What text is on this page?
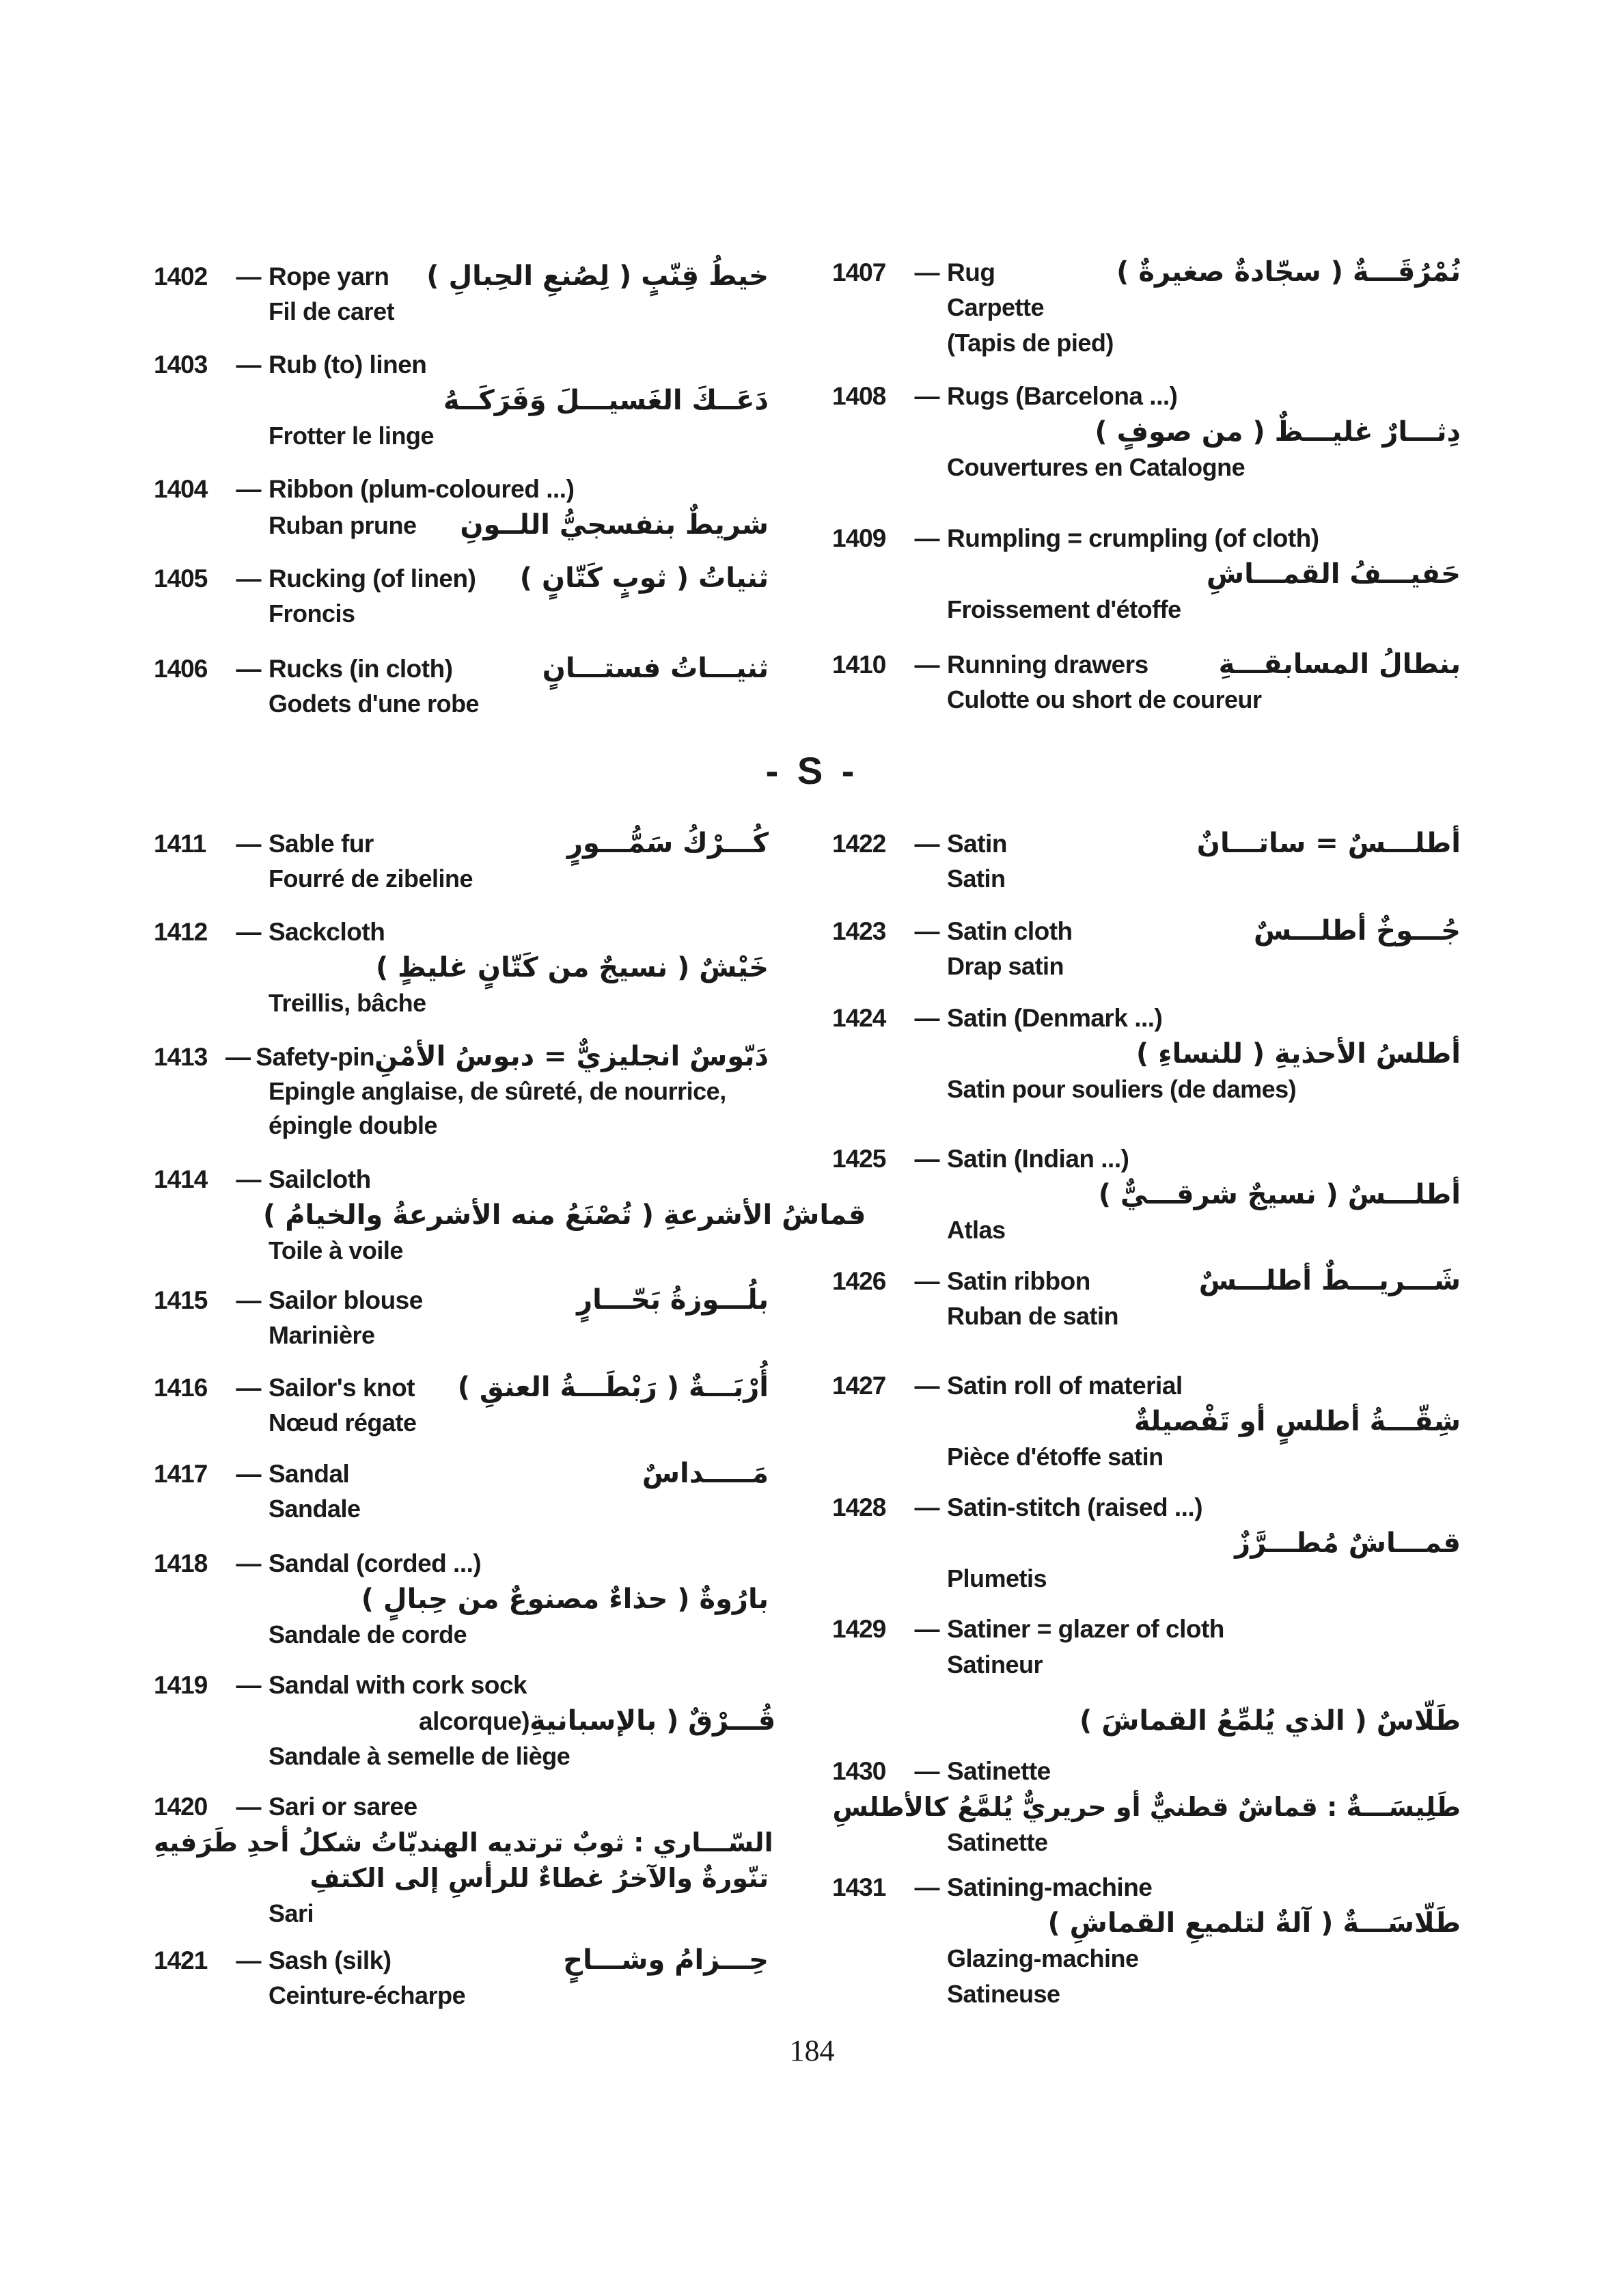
1402	— Rope yarn خيطُ قِنّبٍ ( لِصُنعِ الحِبالِ )
Fil de caret
1403	— Rub (to) linen
دَعَــكَ الغَسيـــلَ وَفَرَكَــهُ
Frotter le linge
1404	— Ribbon (plum-coloured ...)
Ruban prune شريطٌ بنفسجيُّ اللــونِ
1405	— Rucking (of linen) ثنياتُ ( ثوبٍ كَتّانٍ )
Froncis
1406	— Rucks (in cloth)	ثنيـــاتُ فستـــانٍ
Godets d'une robe
1411	— Sable fur	كُـــرْكُ سَمُّـــورٍ
Fourré de zibeline
1412	— Sackcloth
خَيْشٌ ( نسيجٌ من كَتّانٍ غليظٍ )
Treillis, bâche
1413 — Safety-pin دَبّوسٌ انجليزيٌّ = دبوسُ الأمْنِ
Epingle anglaise, de sûreté, de nourrice, épingle double
1414	— Sailcloth
قماشُ الأشرعةِ ( تُصْنَعُ منه الأشرعةُ والخيامُ )
Toile à voile
1415	— Sailor blouse	بلُـــوزةُ بَحّـــارٍ
Marinière
1416	— Sailor's knot أُرْبَـــةٌ ( رَبْطَـــةُ العنقِ )
Nœud régate
1417	— Sandal	مَـــــداسٌ
Sandale
1418	— Sandal (corded ...)
بارُوةٌ ( حذاءٌ مصنوعٌ من حِبالٍ )
Sandale de corde
1419	— Sandal with cork sock
alcorque) قُـــرْقٌ ( بالإسبانيةِ
Sandale à semelle de liège
1420	— Sari or saree
السّـــاري : ثوبٌ ترتديه الهنديّاتُ شكلُ أحدِ طَرَفيهِ
تنّورةٌ والآخرُ غطاءٌ للرأسِ إلى الكتفِ
Sari
1421	— Sash (silk)	حِـــزامُ وشـــاحٍ
Ceinture-écharpe
1407	— Rug	نُمْرُقَـــةٌ ( سجّادةٌ صغيرةٌ )
Carpette
(Tapis de pied)
1408	— Rugs (Barcelona ...)
دِثـــارٌ غليـــظٌ ( من صوفٍ )
Couvertures en Catalogne
1409	— Rumpling = crumpling (of cloth)
حَفيـــفُ القمـــاشِ
Froissement d'étoffe
1410	— Running drawers	بنطالُ المسابقـــةِ
Culotte ou short de coureur
1422	— Satin	أطلـــسٌ = ساتـــانٌ
Satin
1423	— Satin cloth	جُـــوخٌ أطلـــسٌ
Drap satin
1424	— Satin (Denmark ...)
أطلسُ الأحذيةِ ( للنساءِ )
Satin pour souliers (de dames)
1425	— Satin (Indian ...)
أطلـــسٌ ( نسيجٌ شرقـــيٌّ )
Atlas
1426	— Satin ribbon	شَـــريـــطٌ أطلـــسٌ
Ruban de satin
1427	— Satin roll of material
شِقّـــةُ أطلسٍ أو تَفْصيلةٌ
Pièce d'étoffe satin
1428	— Satin-stitch (raised ...)
قمـــاشٌ مُطـــرَّزٌ
Plumetis
1429	— Satiner = glazer of cloth
Satineur
طَلّاسٌ ( الذي يُلمِّعُ القماشَ )
1430	— Satinette
طَلِيسَـــةٌ : قماشٌ قطنيٌّ أو حريريٌّ يُلمَّعُ كالأطلسِ
Satinette
1431	— Satining-machine
طَلّاسَـــةٌ ( آلةٌ لتلميعِ القماشِ )
Glazing-machine
Satineuse
- S -
184
